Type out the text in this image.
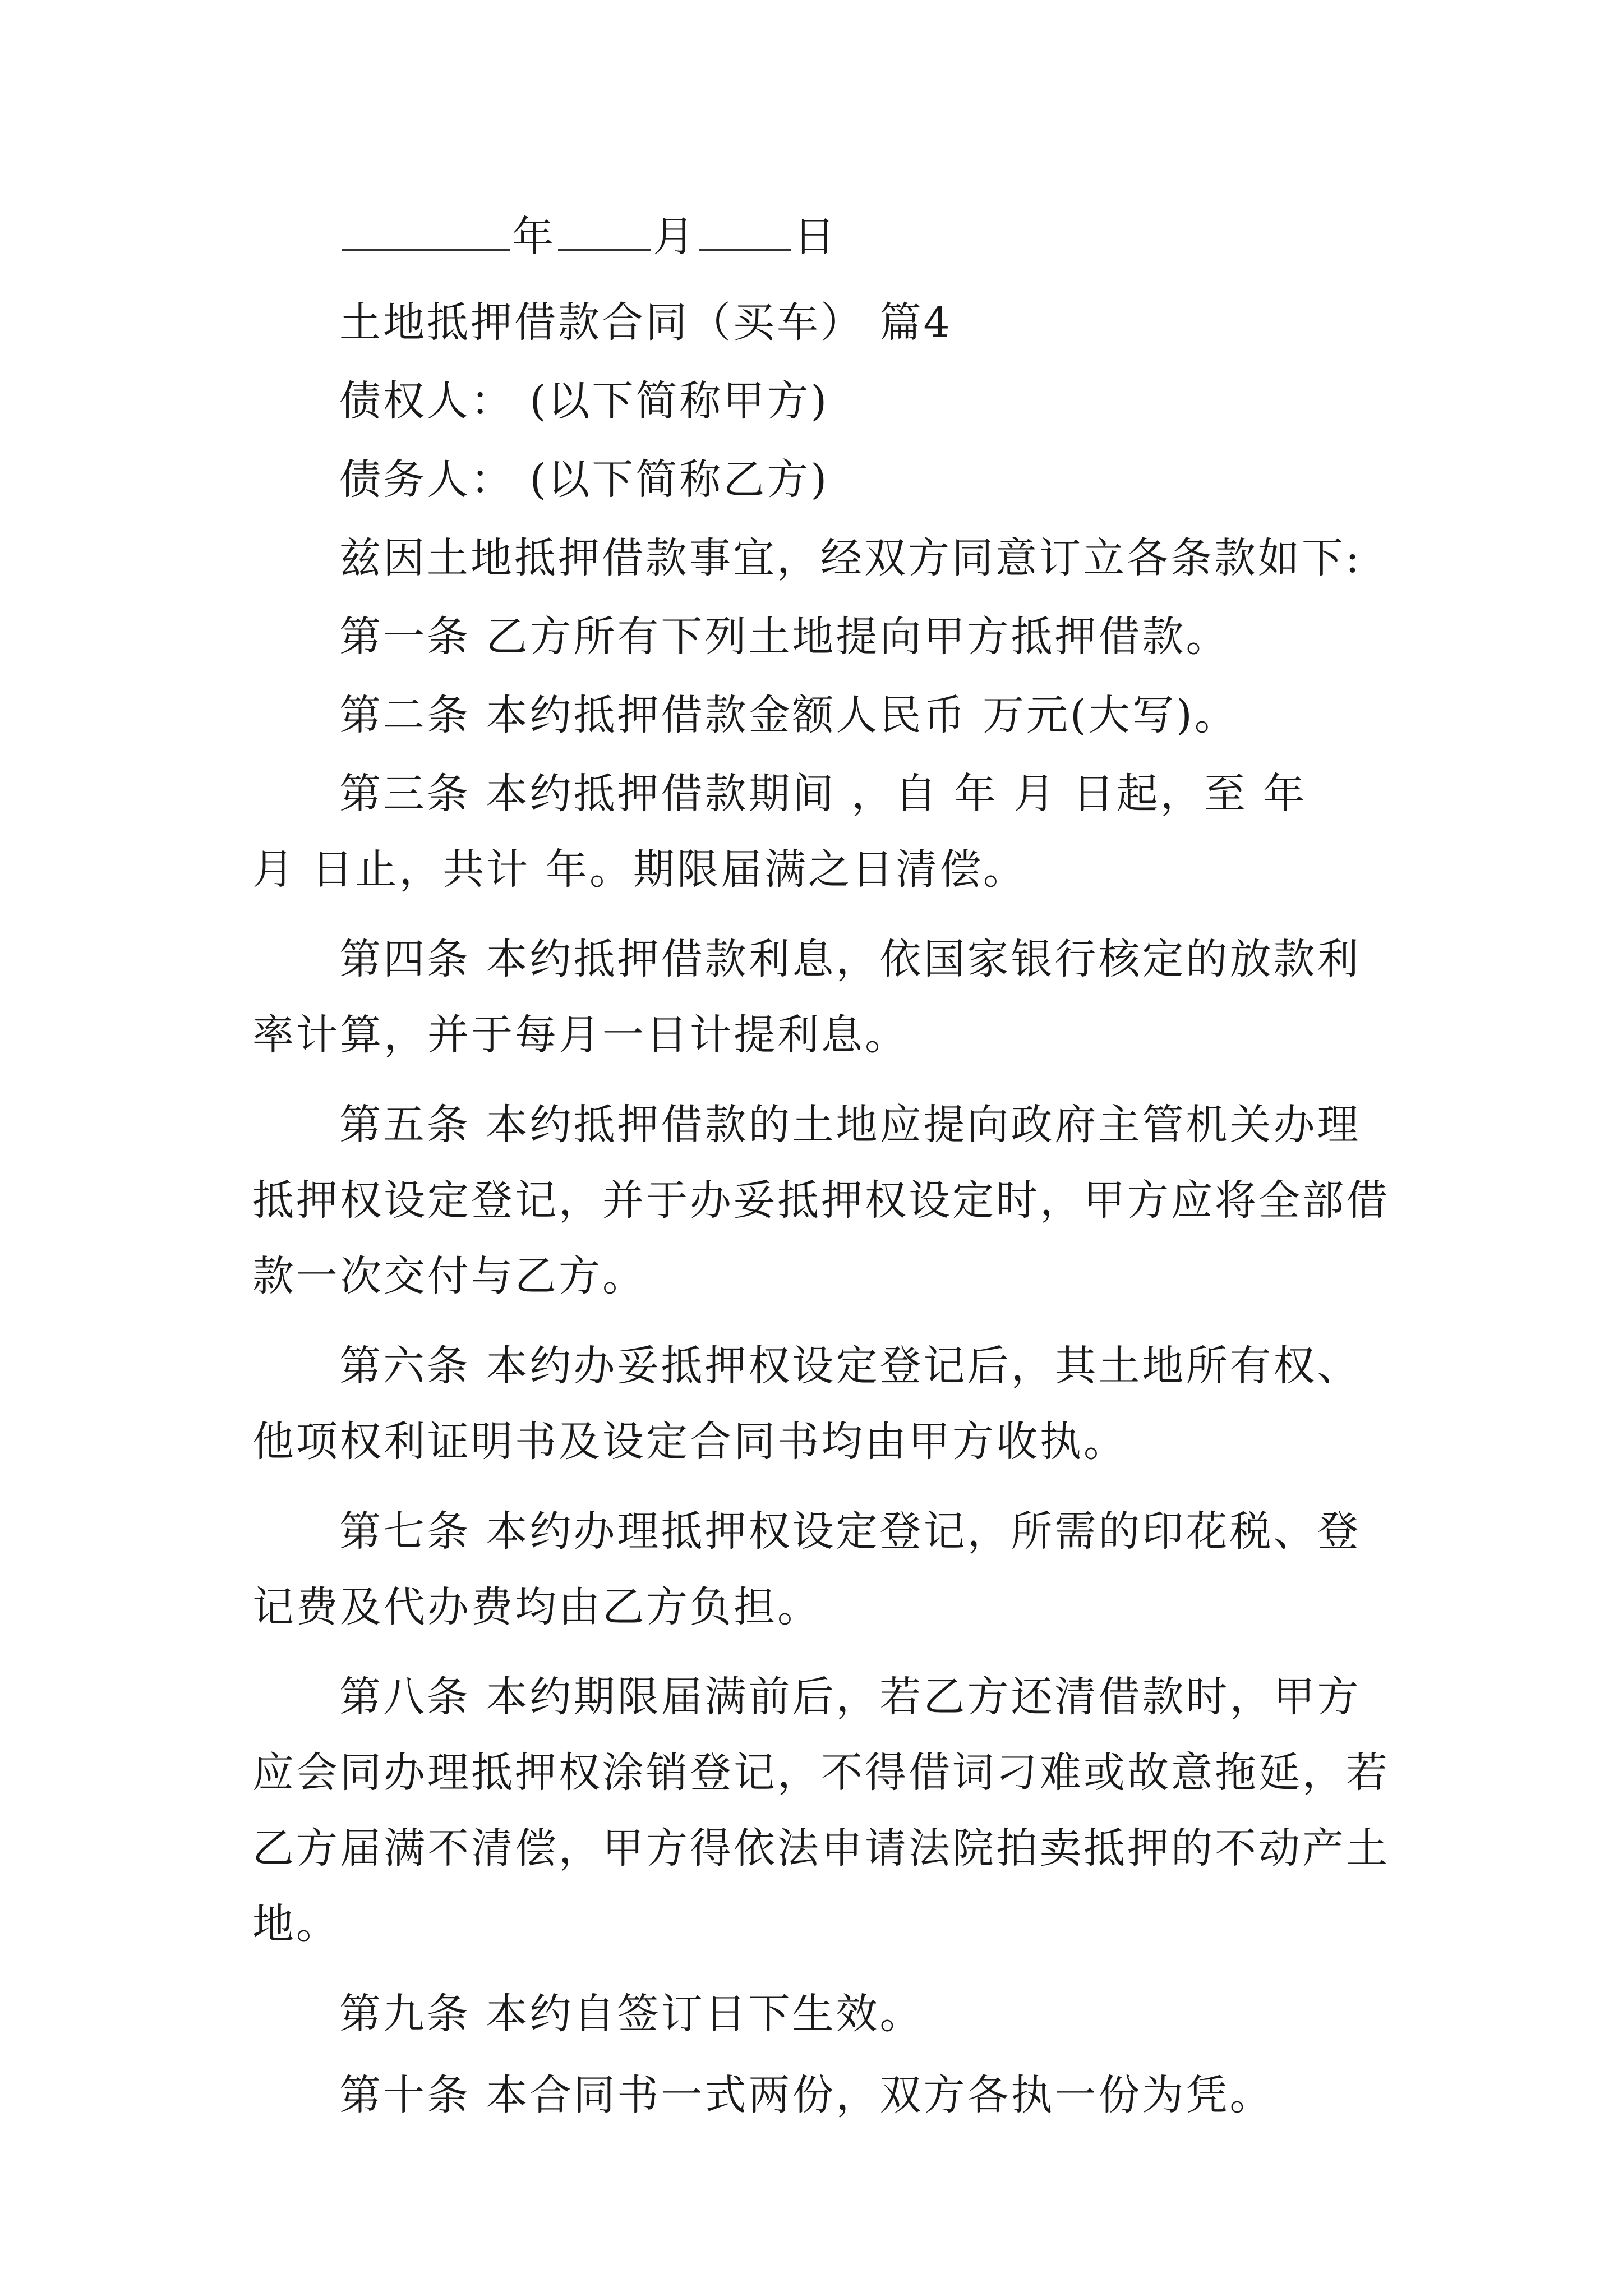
年 月 日
土地抵押借款合同（买车） 篇4
债权人： (以下简称甲方)
债务人： (以下简称乙方)
兹因土地抵押借款事宜，经双方同意订立各条款如下:
第一条 乙方所有下列土地提向甲方抵押借款。
第二条 本约抵押借款金额人民币 万元(大写)。
第三条 本约抵押借款期间 ，自 年 月 日起，至 年
月 日止，共计 年。期限届满之日清偿。
第四条 本约抵押借款利息，依国家银行核定的放款利
率计算，并于每月一日计提利息。
第五条 本约抵押借款的土地应提向政府主管机关办理
抵押权设定登记，并于办妥抵押权设定时，甲方应将全部借
款一次交付与乙方。
第六条 本约办妥抵押权设定登记后，其土地所有权、
他项权利证明书及设定合同书均由甲方收执。
第七条 本约办理抵押权设定登记，所需的印花税、登
记费及代办费均由乙方负担。
第八条 本约期限届满前后，若乙方还清借款时，甲方
应会同办理抵押权涂销登记，不得借词刁难或故意拖延，若
乙方届满不清偿，甲方得依法申请法院拍卖抵押的不动产土
地。
第九条 本约自签订日下生效。
第十条 本合同书一式两份，双方各执一份为凭。
